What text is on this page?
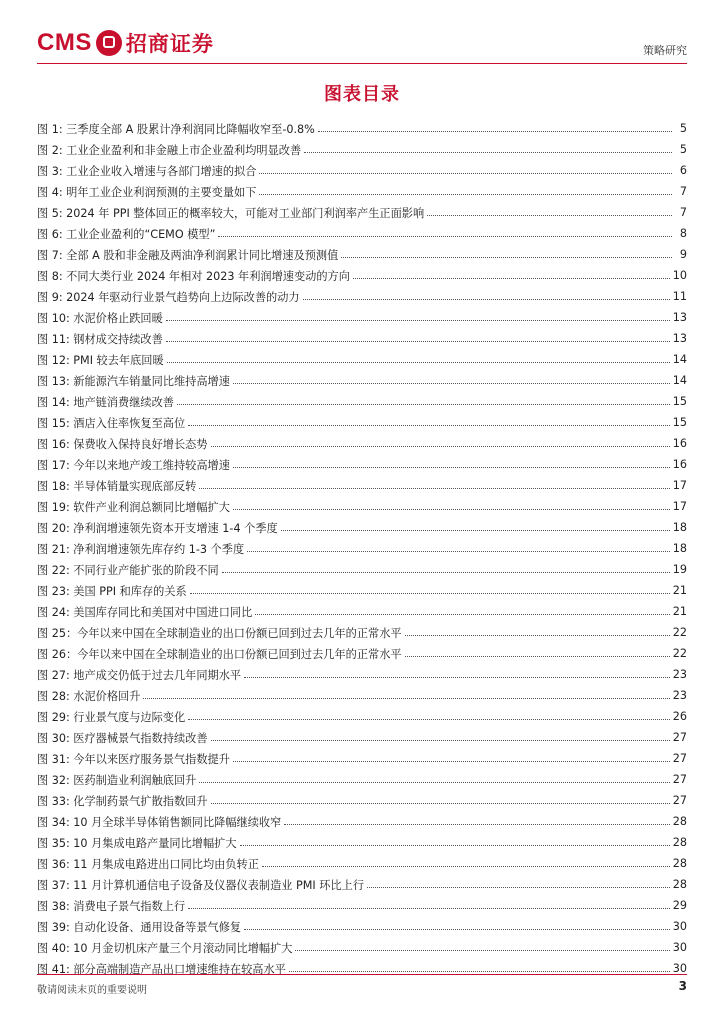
CMS 招商证券	策略研究
图表目录
图 1: 三季度全部 A 股累计净利润同比降幅收窄至-0.8%	5
图 2: 工业企业盈利和非金融上市企业盈利均明显改善	5
图 3: 工业企业收入增速与各部门增速的拟合	6
图 4: 明年工业企业利润预测的主要变量如下	7
图 5: 2024 年 PPI 整体回正的概率较大，可能对工业部门利润率产生正面影响	7
图 6: 工业企业盈利的“CEMO 模型”	8
图 7: 全部 A 股和非金融及两油净利润累计同比增速及预测值	9
图 8: 不同大类行业 2024 年相对 2023 年利润增速变动的方向	10
图 9: 2024 年驱动行业景气趋势向上边际改善的动力	11
图 10: 水泥价格止跌回暖	13
图 11: 钢材成交持续改善	13
图 12: PMI 较去年底回暖	14
图 13: 新能源汽车销量同比维持高增速	14
图 14: 地产链消费继续改善	15
图 15: 酒店入住率恢复至高位	15
图 16: 保费收入保持良好增长态势	16
图 17: 今年以来地产竣工维持较高增速	16
图 18: 半导体销量实现底部反转	17
图 19: 软件产业利润总额同比增幅扩大	17
图 20: 净利润增速领先资本开支增速 1-4 个季度	18
图 21: 净利润增速领先库存约 1-3 个季度	18
图 22: 不同行业产能扩张的阶段不同	19
图 23: 美国 PPI 和库存的关系	21
图 24: 美国库存同比和美国对中国进口同比	21
图 25：今年以来中国在全球制造业的出口份额已回到过去几年的正常水平	22
图 26：今年以来中国在全球制造业的出口份额已回到过去几年的正常水平	22
图 27: 地产成交仍低于过去几年同期水平	23
图 28: 水泥价格回升	23
图 29: 行业景气度与边际变化	26
图 30: 医疗器械景气指数持续改善	27
图 31: 今年以来医疗服务景气指数提升	27
图 32: 医药制造业利润触底回升	27
图 33: 化学制药景气扩散指数回升	27
图 34: 10 月全球半导体销售额同比降幅继续收窄	28
图 35: 10 月集成电路产量同比增幅扩大	28
图 36: 11 月集成电路进出口同比均由负转正	28
图 37: 11 月计算机通信电子设备及仪器仪表制造业 PMI 环比上行	28
图 38: 消费电子景气指数上行	29
图 39: 自动化设备、通用设备等景气修复	30
图 40: 10 月金切机床产量三个月滚动同比增幅扩大	30
图 41: 部分高端制造产品出口增速维持在较高水平	30
敬请阅读末页的重要说明	3
